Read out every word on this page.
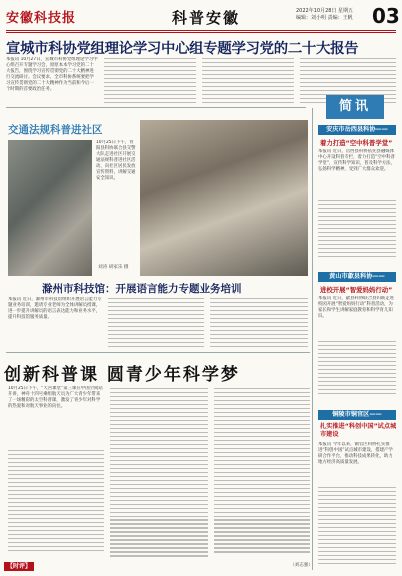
安徽科技报	科普安徽	2022年10月28日 星期五
编辑：刘小明 责编：王帆 03
宣城市科协党组理论学习中心组专题学习党的二十大报告
本报讯 10月27日，宣城市科协党组理论学习中心组召开专题学习会，原原本本学习党的二十大报告，围绕学习宣传贯彻党的二十大精神进行交流研讨。会议要求，全市科协系统要把学习宣传贯彻党的二十大精神作为当前和今后一个时期的首要政治任务。
交通法规科普进社区
10月25日下午，青阳县科协联合县交警大队走进社区开展交通法规科普进社区活动，向社区居民发放宣传资料，讲解交通安全知识。
刘涛 胡家乐 摄
滁州市科技馆：开展语言能力专题业务培训
本报讯 近日，滁州市科技馆组织开展语言能力专题业务培训，邀请专业老师为全体讲解员授课，进一步提升讲解员的语言表达能力和业务水平，提升科技馆服务质量。
创新科普课 圆青少年科学梦
10月25日下午，“天宫课堂”第三课在中国空间站开讲，神舟十四号乘组航天员为广大青少年带来了一场精彩的太空科普课，激发了青少年对科学的热爱和对航天事业的向往。
【时评】	（刘志强）
简讯
安庆市岳西县科协——
着力打造“空中科普学堂”
本报讯 近日，岳西县科协依托县融媒体中心开设科普专栏，着力打造“空中科普学堂”，宣传科学知识，普及科学方法，弘扬科学精神，受到广大群众欢迎。
黄山市歙县科协——
进校开展“智爱妈妈行动”
本报讯 近日，歙县科协联合县妇联走进校园开展“智爱妈妈行动”科普活动，为家长和学生讲解家庭教育和科学育儿知识。
铜陵市铜官区——
扎实推进“科创中国”试点城市建设
本报讯 今年以来，铜官区科协扎实推进“科创中国”试点城市建设，搭建产学研合作平台，推动科技成果转化，助力地方经济高质量发展。
